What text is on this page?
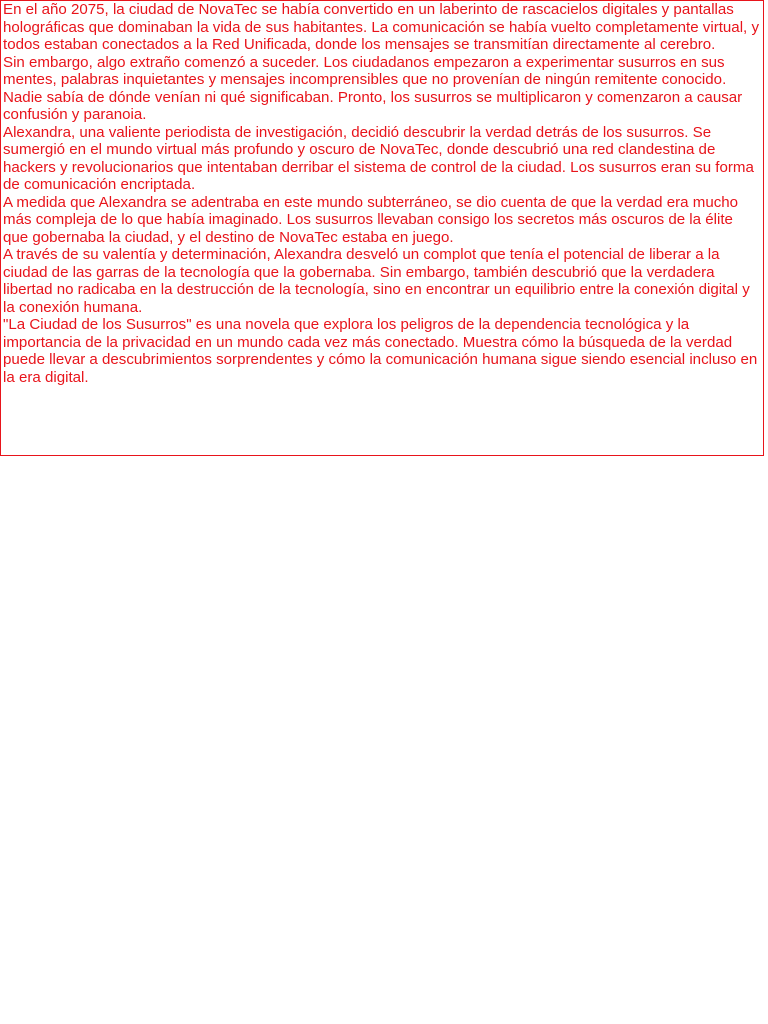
En el año 2075, la ciudad de NovaTec se había convertido en un laberinto de rascacielos digitales y pantallas holográficas que dominaban la vida de sus habitantes. La comunicación se había vuelto completamente virtual, y todos estaban conectados a la Red Unificada, donde los mensajes se transmitían directamente al cerebro.

Sin embargo, algo extraño comenzó a suceder. Los ciudadanos empezaron a experimentar susurros en sus mentes, palabras inquietantes y mensajes incomprensibles que no provenían de ningún remitente conocido. Nadie sabía de dónde venían ni qué significaban. Pronto, los susurros se multiplicaron y comenzaron a causar confusión y paranoia.

Alexandra, una valiente periodista de investigación, decidió descubrir la verdad detrás de los susurros. Se sumergió en el mundo virtual más profundo y oscuro de NovaTec, donde descubrió una red clandestina de hackers y revolucionarios que intentaban derribar el sistema de control de la ciudad. Los susurros eran su forma de comunicación encriptada.

A medida que Alexandra se adentraba en este mundo subterráneo, se dio cuenta de que la verdad era mucho más compleja de lo que había imaginado. Los susurros llevaban consigo los secretos más oscuros de la élite que gobernaba la ciudad, y el destino de NovaTec estaba en juego.

A través de su valentía y determinación, Alexandra desveló un complot que tenía el potencial de liberar a la ciudad de las garras de la tecnología que la gobernaba. Sin embargo, también descubrió que la verdadera libertad no radicaba en la destrucción de la tecnología, sino en encontrar un equilibrio entre la conexión digital y la conexión humana.

"La Ciudad de los Susurros" es una novela que explora los peligros de la dependencia tecnológica y la importancia de la privacidad en un mundo cada vez más conectado. Muestra cómo la búsqueda de la verdad puede llevar a descubrimientos sorprendentes y cómo la comunicación humana sigue siendo esencial incluso en la era digital.
